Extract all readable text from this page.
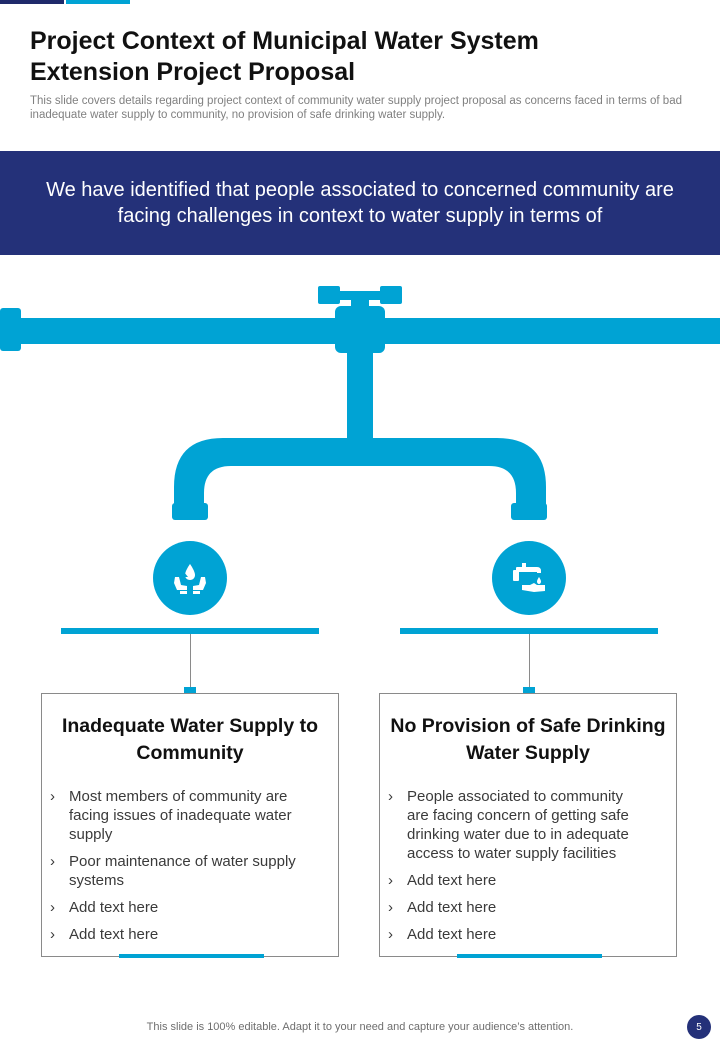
Project Context of Municipal Water System Extension Project Proposal
This slide covers details regarding project context of community water supply project proposal as concerns faced in terms of bad inadequate water supply to community, no provision of safe drinking water supply.
We have identified that people associated to concerned community are facing challenges in context to water supply in terms of
Inadequate Water Supply to Community
› Most members of community are facing issues of inadequate water supply
› Poor maintenance of water supply systems
› Add text here
› Add text here
No Provision of Safe Drinking Water Supply
› People associated to community are facing concern of getting safe drinking water due to in adequate access to water supply facilities
› Add text here
› Add text here
› Add text here
This slide is 100% editable. Adapt it to your need and capture your audience’s attention.	5
